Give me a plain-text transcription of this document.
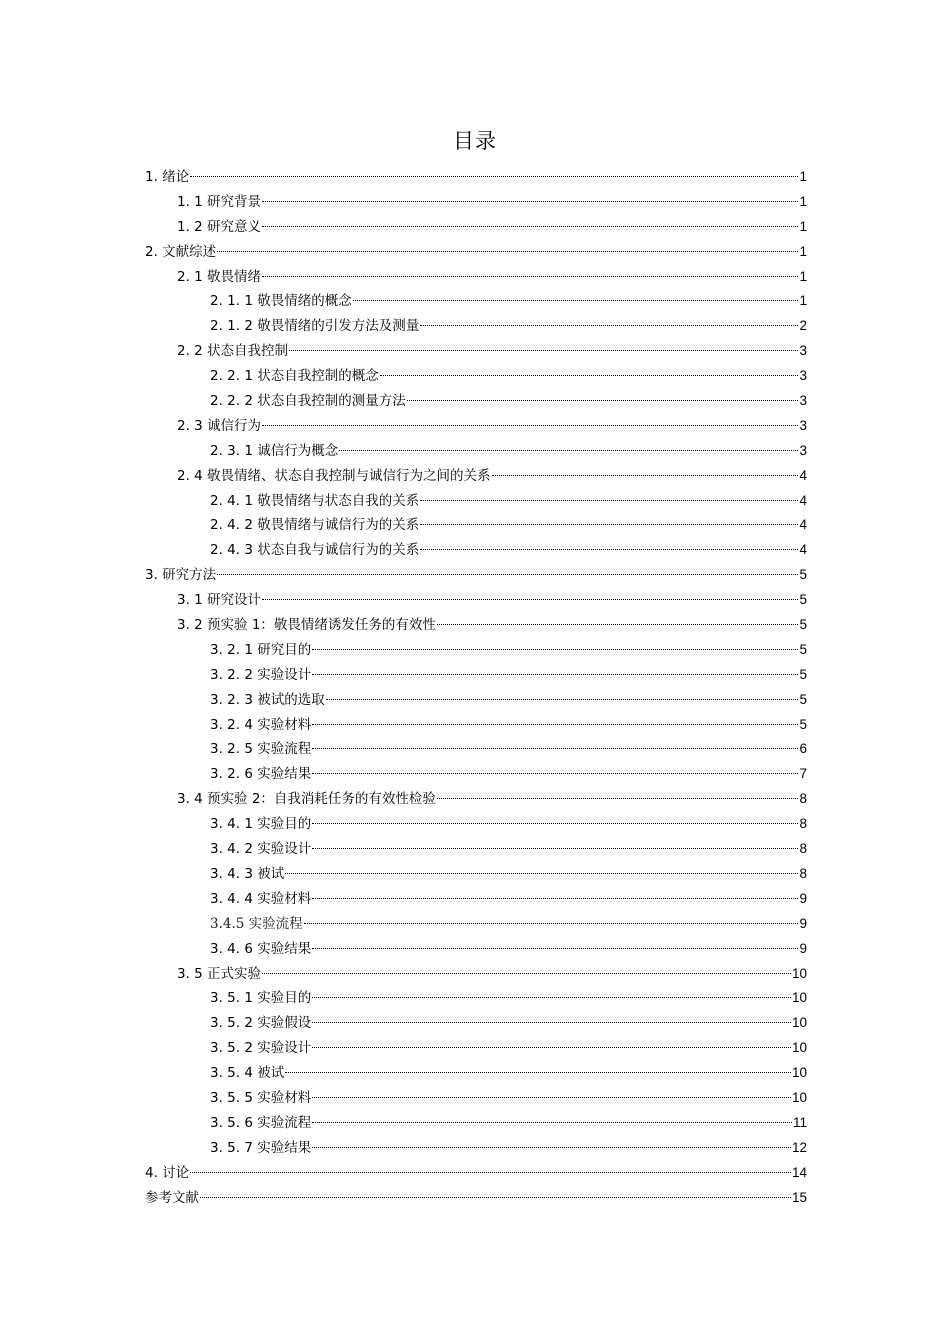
目录
1. 绪论	1
1. 1 研究背景	1
1. 2 研究意义	1
2. 文献综述	1
2. 1 敬畏情绪	1
2. 1. 1 敬畏情绪的概念	1
2. 1. 2 敬畏情绪的引发方法及测量	2
2. 2 状态自我控制	3
2. 2. 1 状态自我控制的概念	3
2. 2. 2 状态自我控制的测量方法	3
2. 3 诚信行为	3
2. 3. 1 诚信行为概念	3
2. 4 敬畏情绪、状态自我控制与诚信行为之间的关系	4
2. 4. 1 敬畏情绪与状态自我的关系	4
2. 4. 2 敬畏情绪与诚信行为的关系	4
2. 4. 3 状态自我与诚信行为的关系	4
3. 研究方法	5
3. 1 研究设计	5
3. 2 预实验 1：敬畏情绪诱发任务的有效性	5
3. 2. 1 研究目的	5
3. 2. 2 实验设计	5
3. 2. 3 被试的选取	5
3. 2. 4 实验材料	5
3. 2. 5 实验流程	6
3. 2. 6 实验结果	7
3. 4 预实验 2：自我消耗任务的有效性检验	8
3. 4. 1 实验目的	8
3. 4. 2 实验设计	8
3. 4. 3 被试	8
3. 4. 4 实验材料	9
3.4.5 实验流程	9
3. 4. 6 实验结果	9
3. 5 正式实验	10
3. 5. 1 实验目的	10
3. 5. 2 实验假设	10
3. 5. 2 实验设计	10
3. 5. 4 被试	10
3. 5. 5 实验材料	10
3. 5. 6 实验流程	11
3. 5. 7 实验结果	12
4. 讨论	14
参考文献	15
